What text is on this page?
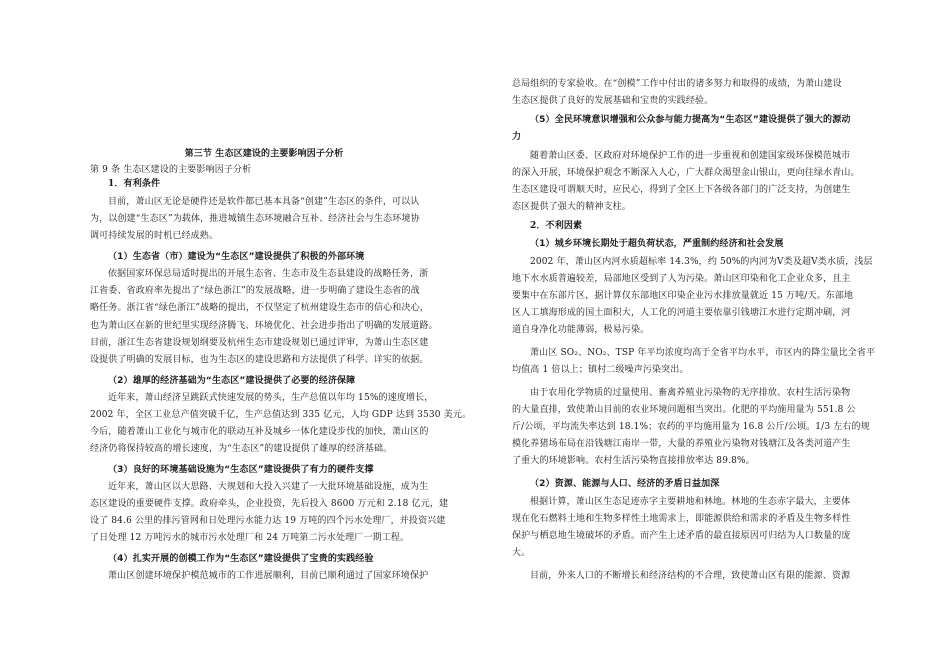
第三节 生态区建设的主要影响因子分析
第 9 条 生态区建设的主要影响因子分析
1．有利条件
目前，萧山区无论是硬件还是软件都已基本具备“创建”生态区的条件，可以认
为，以创建“生态区”为载体，推进城镇生态环境融合互补、经济社会与生态环境协
调可持续发展的时机已经成熟。
（1）生态省（市）建设为“生态区”建设提供了积极的外部环境
依据国家环保总局适时提出的开展生态省、生态市及生态县建设的战略任务，浙
江省委、省政府率先提出了“绿色浙江”的发展战略，进一步明确了建设生态省的战
略任务。浙江省“绿色浙江”战略的提出，不仅坚定了杭州建设生态市的信心和决心，
也为萧山区在新的世纪里实现经济腾飞、环境优化、社会进步指出了明确的发展道路。
目前，浙江生态省建设规划纲要及杭州生态市建设规划已通过评审，为萧山生态区建
设提供了明确的发展目标，也为生态区的建设思路和方法提供了科学、详实的依据。
（2）雄厚的经济基础为“生态区”建设提供了必要的经济保障
近年来，萧山经济呈跳跃式快速发展的势头，生产总值以年均 15%的速度增长，
2002 年，全区工业总产值突破千亿，生产总值达到 335 亿元，人均 GDP 达到 3530 美元。
今后，随着萧山工业化与城市化的联动互补及城乡一体化建设步伐的加快，萧山区的
经济仍将保持较高的增长速度，为“生态区”的建设提供了雄厚的经济基础。
（3）良好的环境基础设施为“生态区”建设提供了有力的硬件支撑
近年来，萧山区以大思路、大规划和大投入兴建了一大批环境基础设施，成为生
态区建设的重要硬件支撑。政府牵头，企业投资，先后投入 8600 万元和 2.18 亿元，建
设了 84.6 公里的排污管网和日处理污水能力达 19 万吨的四个污水处理厂，并投资兴建
了日处理 12 万吨污水的城市污水处理厂和 24 万吨第二污水处理厂一期工程。
（4）扎实开展的创模工作为“生态区”建设提供了宝贵的实践经验
萧山区创建环境保护模范城市的工作进展顺利，目前已顺利通过了国家环境保护
总局组织的专家验收。在“创模”工作中付出的诸多努力和取得的成绩，为萧山建设
生态区提供了良好的发展基础和宝贵的实践经验。
（5）全民环境意识增强和公众参与能力提高为“生态区”建设提供了强大的源动
力
随着萧山区委、区政府对环境保护工作的进一步重视和创建国家级环保模范城市
的深入开展，环境保护观念不断深入人心，广大群众渴望金山银山，更向往绿水青山。
生态区建设可谓顺天时，应民心，得到了全区上下各级各部门的广泛支持，为创建生
态区提供了强大的精神支柱。
2．不利因素
（1）城乡环境长期处于超负荷状态，严重制约经济和社会发展
2002 年，萧山区内河水质超标率 14.3%，约 50%的内河为Ⅴ类及超Ⅴ类水质，浅层
地下水水质普遍较差，局部地区受到了人为污染。萧山区印染和化工企业众多，且主
要集中在东部片区，据计算仅东部地区印染企业污水排放量就近 15 万吨/天。东部地
区人工填海形成的国土面积大，人工化的河道主要依靠引钱塘江水进行定期冲刷，河
道自身净化功能薄弱，极易污染。
萧山区 SO₂、NO₂、TSP 年平均浓度均高于全省平均水平，市区内的降尘量比全省平
均值高 1 倍以上；镇村二级噪声污染突出。
由于农用化学物质的过量使用、畜禽养殖业污染物的无序排放、农村生活污染物
的大量直排，致使萧山目前的农业环境问题相当突出。化肥的平均施用量为 551.8 公
斤/公顷，平均流失率达到 18.1%；农药的平均施用量为 16.8 公斤/公顷。1/3 左右的规
模化养猪场布局在沿钱塘江南岸一带，大量的养殖业污染物对钱塘江及各类河道产生
了重大的环境影响。农村生活污染物直接排放率达 89.8%。
（2）资源、能源与人口、经济的矛盾日益加深
根据计算，萧山区生态足迹赤字主要耕地和林地。林地的生态赤字最大，主要体
现在化石燃料土地和生物多样性土地需求上，即能源供给和需求的矛盾及生物多样性
保护与栖息地生境破坏的矛盾。而产生上述矛盾的最直接原因可归结为人口数量的庞
大。
目前，外来人口的不断增长和经济结构的不合理，致使萧山区有限的能源、资源
